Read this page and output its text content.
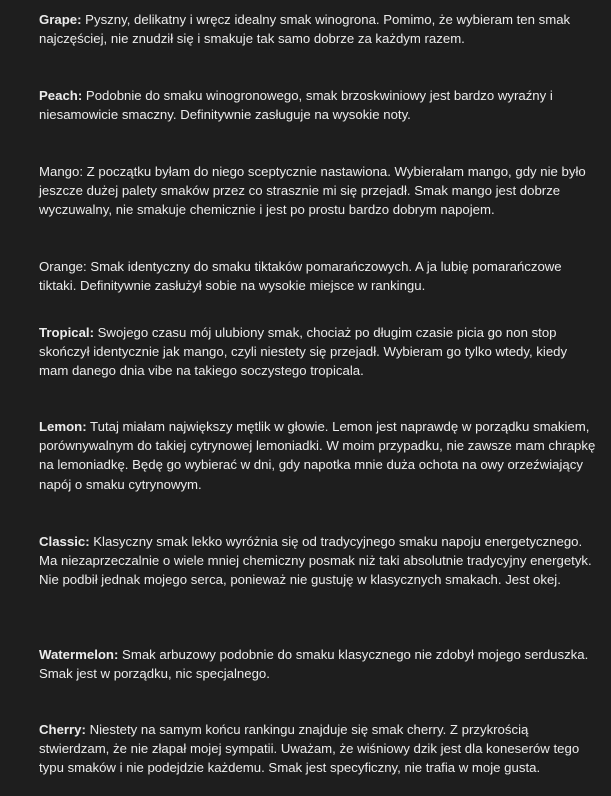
Grape: Pyszny, delikatny i wręcz idealny smak winogrona. Pomimo, że wybieram ten smak najczęściej, nie znudził się i smakuje tak samo dobrze za każdym razem.

Peach: Podobnie do smaku winogronowego, smak brzoskwiniowy jest bardzo wyraźny i niesamowicie smaczny. Definitywnie zasługuje na wysokie noty.

Mango: Z początku byłam do niego sceptycznie nastawiona. Wybierałam mango, gdy nie było jeszcze dużej palety smaków przez co strasznie mi się przejadł. Smak mango jest dobrze wyczuwalny, nie smakuje chemicznie i jest po prostu bardzo dobrym napojem.

Orange: Smak identyczny do smaku tiktaków pomarańczowych. A ja lubię pomarańczowe tiktaki. Definitywnie zasłużył sobie na wysokie miejsce w rankingu.

Tropical: Swojego czasu mój ulubiony smak, chociaż po długim czasie picia go non stop skończył identycznie jak mango, czyli niestety się przejadł. Wybieram go tylko wtedy, kiedy mam danego dnia vibe na takiego soczystego tropicala.

Lemon: Tutaj miałam największy mętlik w głowie. Lemon jest naprawdę w porządku smakiem, porównywalnym do takiej cytrynowej lemoniadki. W moim przypadku, nie zawsze mam chrapkę na lemoniadkę. Będę go wybierać w dni, gdy napotka mnie duża ochota na owy orzeźwiający napój o smaku cytrynowym.

Classic: Klasyczny smak lekko wyróżnia się od tradycyjnego smaku napoju energetycznego. Ma niezaprzeczalnie o wiele mniej chemiczny posmak niż taki absolutnie tradycyjny energetyk. Nie podbił jednak mojego serca, ponieważ nie gustuję w klasycznych smakach. Jest okej.

Watermelon: Smak arbuzowy podobnie do smaku klasycznego nie zdobył mojego serduszka. Smak jest w porządku, nic specjalnego.

Cherry: Niestety na samym końcu rankingu znajduje się smak cherry. Z przykrością stwierdzam, że nie złapał mojej sympatii. Uważam, że wiśniowy dzik jest dla koneserów tego typu smaków i nie podejdzie każdemu. Smak jest specyficzny, nie trafia w moje gusta.
